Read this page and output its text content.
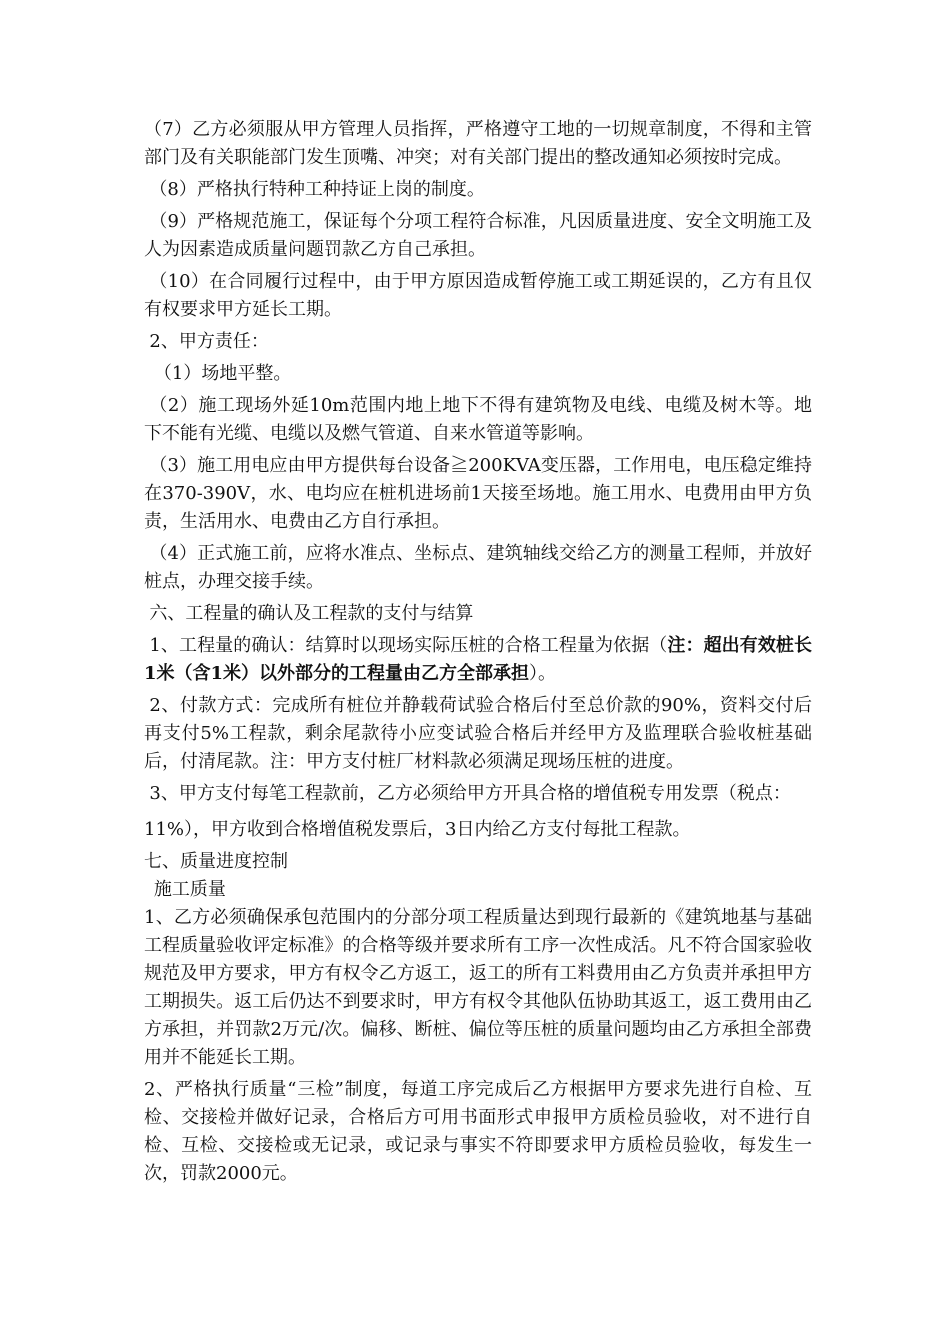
（7）乙方必须服从甲方管理人员指挥，严格遵守工地的一切规章制度，不得和主管部门及有关职能部门发生顶嘴、冲突；对有关部门提出的整改通知必须按时完成。

（8）严格执行特种工种持证上岗的制度。

（9）严格规范施工，保证每个分项工程符合标准，凡因质量进度、安全文明施工及人为因素造成质量问题罚款乙方自己承担。

（10）在合同履行过程中，由于甲方原因造成暂停施工或工期延误的，乙方有且仅有权要求甲方延长工期。

2、甲方责任：

（1）场地平整。

（2）施工现场外延10m范围内地上地下不得有建筑物及电线、电缆及树木等。地下不能有光缆、电缆以及燃气管道、自来水管道等影响。

（3）施工用电应由甲方提供每台设备≧200KVA变压器，工作用电，电压稳定维持在370-390V，水、电均应在桩机进场前1天接至场地。施工用水、电费用由甲方负责，生活用水、电费由乙方自行承担。

（4）正式施工前，应将水准点、坐标点、建筑轴线交给乙方的测量工程师，并放好桩点，办理交接手续。

六、工程量的确认及工程款的支付与结算

1、工程量的确认：结算时以现场实际压桩的合格工程量为依据（注：超出有效桩长1米（含1米）以外部分的工程量由乙方全部承担）。

2、付款方式：完成所有桩位并静载荷试验合格后付至总价款的90%，资料交付后再支付5%工程款，剩余尾款待小应变试验合格后并经甲方及监理联合验收桩基础后，付清尾款。注：甲方支付桩厂材料款必须满足现场压桩的进度。

3、甲方支付每笔工程款前，乙方必须给甲方开具合格的增值税专用发票（税点：

11%），甲方收到合格增值税发票后，3日内给乙方支付每批工程款。

七、质量进度控制

施工质量

1、乙方必须确保承包范围内的分部分项工程质量达到现行最新的《建筑地基与基础工程质量验收评定标准》的合格等级并要求所有工序一次性成活。凡不符合国家验收规范及甲方要求，甲方有权令乙方返工，返工的所有工料费用由乙方负责并承担甲方工期损失。返工后仍达不到要求时，甲方有权令其他队伍协助其返工，返工费用由乙方承担，并罚款2万元/次。偏移、断桩、偏位等压桩的质量问题均由乙方承担全部费用并不能延长工期。

2、严格执行质量“三检”制度，每道工序完成后乙方根据甲方要求先进行自检、互检、交接检并做好记录，合格后方可用书面形式申报甲方质检员验收，对不进行自检、互检、交接检或无记录，或记录与事实不符即要求甲方质检员验收，每发生一次，罚款2000元。
